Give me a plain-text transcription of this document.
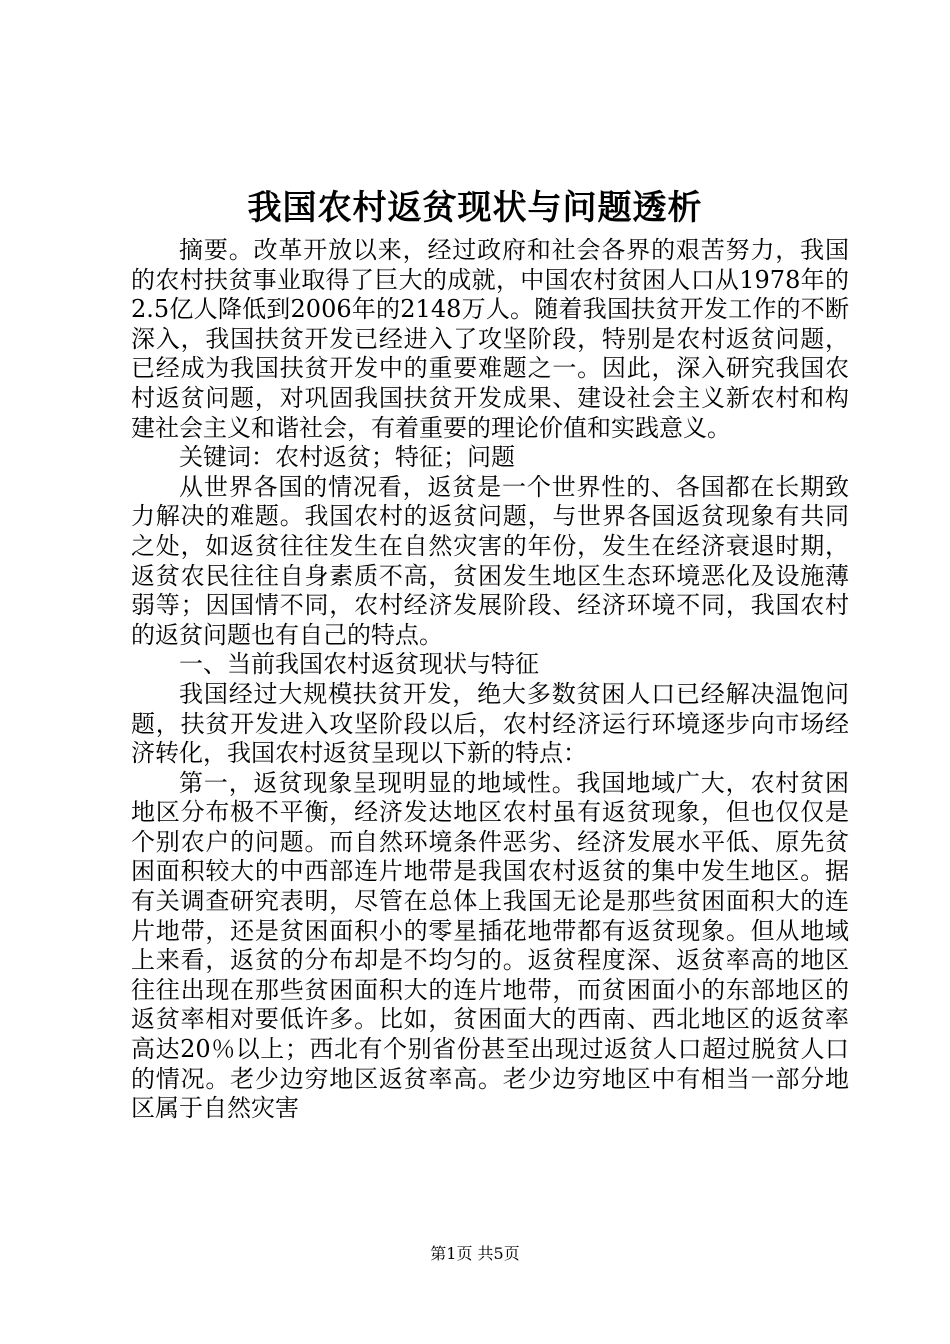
我国农村返贫现状与问题透析

摘要。改革开放以来，经过政府和社会各界的艰苦努力，我国的农村扶贫事业取得了巨大的成就，中国农村贫困人口从1978年的2.5亿人降低到2006年的2148万人。随着我国扶贫开发工作的不断深入，我国扶贫开发已经进入了攻坚阶段，特别是农村返贫问题，已经成为我国扶贫开发中的重要难题之一。因此，深入研究我国农村返贫问题，对巩固我国扶贫开发成果、建设社会主义新农村和构建社会主义和谐社会，有着重要的理论价值和实践意义。

关键词：农村返贫；特征；问题

从世界各国的情况看，返贫是一个世界性的、各国都在长期致力解决的难题。我国农村的返贫问题，与世界各国返贫现象有共同之处，如返贫往往发生在自然灾害的年份，发生在经济衰退时期，返贫农民往往自身素质不高，贫困发生地区生态环境恶化及设施薄弱等；因国情不同，农村经济发展阶段、经济环境不同，我国农村的返贫问题也有自己的特点。

一、当前我国农村返贫现状与特征

我国经过大规模扶贫开发，绝大多数贫困人口已经解决温饱问题，扶贫开发进入攻坚阶段以后，农村经济运行环境逐步向市场经济转化，我国农村返贫呈现以下新的特点：

第一，返贫现象呈现明显的地域性。我国地域广大，农村贫困地区分布极不平衡，经济发达地区农村虽有返贫现象，但也仅仅是个别农户的问题。而自然环境条件恶劣、经济发展水平低、原先贫困面积较大的中西部连片地带是我国农村返贫的集中发生地区。据有关调查研究表明，尽管在总体上我国无论是那些贫困面积大的连片地带，还是贫困面积小的零星插花地带都有返贫现象。但从地域上来看，返贫的分布却是不均匀的。返贫程度深、返贫率高的地区往往出现在那些贫困面积大的连片地带，而贫困面小的东部地区的返贫率相对要低许多。比如，贫困面大的西南、西北地区的返贫率高达20％以上；西北有个别省份甚至出现过返贫人口超过脱贫人口的情况。老少边穷地区返贫率高。老少边穷地区中有相当一部分地区属于自然灾害

第1页 共5页
